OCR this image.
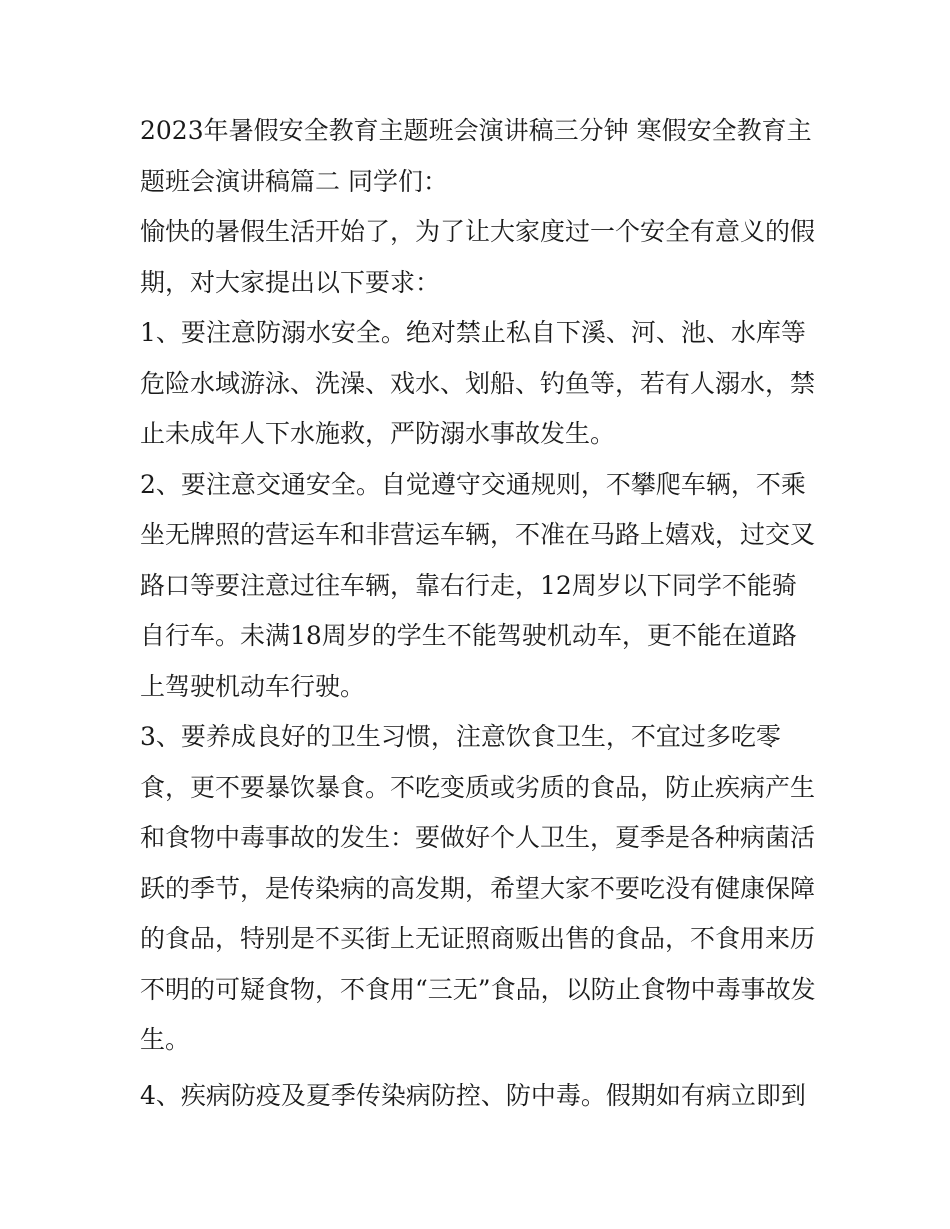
2023年暑假安全教育主题班会演讲稿三分钟 寒假安全教育主
题班会演讲稿篇二 同学们：
愉快的暑假生活开始了，为了让大家度过一个安全有意义的假
期，对大家提出以下要求：
1、要注意防溺水安全。绝对禁止私自下溪、河、池、水库等
危险水域游泳、洗澡、戏水、划船、钓鱼等，若有人溺水，禁
止未成年人下水施救，严防溺水事故发生。
2、要注意交通安全。自觉遵守交通规则，不攀爬车辆，不乘
坐无牌照的营运车和非营运车辆，不准在马路上嬉戏，过交叉
路口等要注意过往车辆，靠右行走，12周岁以下同学不能骑
自行车。未满18周岁的学生不能驾驶机动车，更不能在道路
上驾驶机动车行驶。
3、要养成良好的卫生习惯，注意饮食卫生，不宜过多吃零
食，更不要暴饮暴食。不吃变质或劣质的食品，防止疾病产生
和食物中毒事故的发生：要做好个人卫生，夏季是各种病菌活
跃的季节，是传染病的高发期，希望大家不要吃没有健康保障
的食品，特别是不买街上无证照商贩出售的食品，不食用来历
不明的可疑食物，不食用“三无”食品，以防止食物中毒事故发
生。
4、疾病防疫及夏季传染病防控、防中毒。假期如有病立即到
